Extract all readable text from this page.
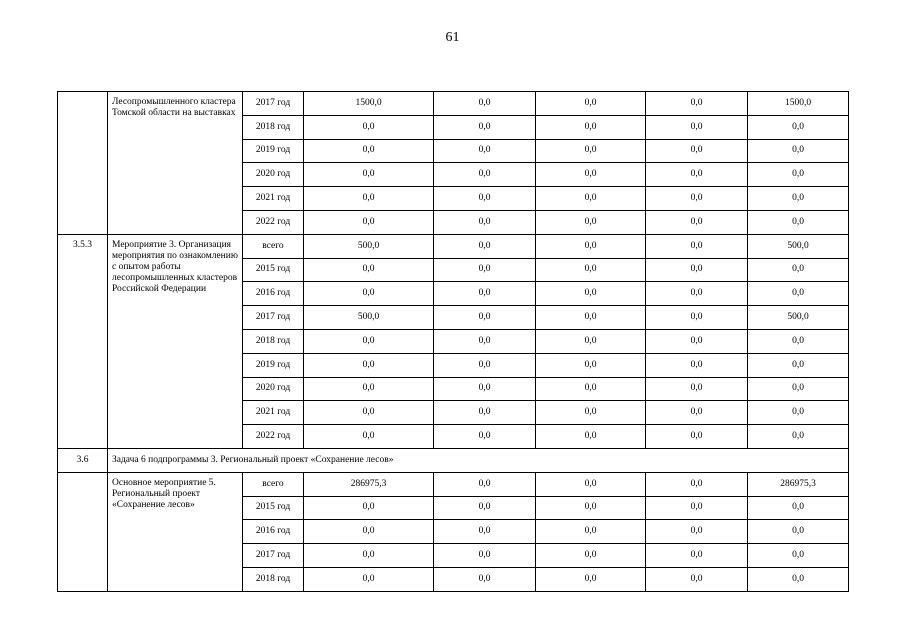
61
	Лесопромышленного кластера Томской области на выставках	2017 год	1500,0	0,0	0,0	0,0	1500,0
		2018 год	0,0	0,0	0,0	0,0	0,0
		2019 год	0,0	0,0	0,0	0,0	0,0
		2020 год	0,0	0,0	0,0	0,0	0,0
		2021 год	0,0	0,0	0,0	0,0	0,0
		2022 год	0,0	0,0	0,0	0,0	0,0
3.5.3	Мероприятие 3. Организация мероприятия по ознакомлению с опытом работы лесопромышленных кластеров Российской Федерации	всего	500,0	0,0	0,0	0,0	500,0
		2015 год	0,0	0,0	0,0	0,0	0,0
		2016 год	0,0	0,0	0,0	0,0	0,0
		2017 год	500,0	0,0	0,0	0,0	500,0
		2018 год	0,0	0,0	0,0	0,0	0,0
		2019 год	0,0	0,0	0,0	0,0	0,0
		2020 год	0,0	0,0	0,0	0,0	0,0
		2021 год	0,0	0,0	0,0	0,0	0,0
		2022 год	0,0	0,0	0,0	0,0	0,0
3.6	Задача 6 подпрограммы 3. Региональный проект «Сохранение лесов»						
	Основное мероприятие 5. Региональный проект «Сохранение лесов»	всего	286975,3	0,0	0,0	0,0	286975,3
		2015 год	0,0	0,0	0,0	0,0	0,0
		2016 год	0,0	0,0	0,0	0,0	0,0
		2017 год	0,0	0,0	0,0	0,0	0,0
		2018 год	0,0	0,0	0,0	0,0	0,0
